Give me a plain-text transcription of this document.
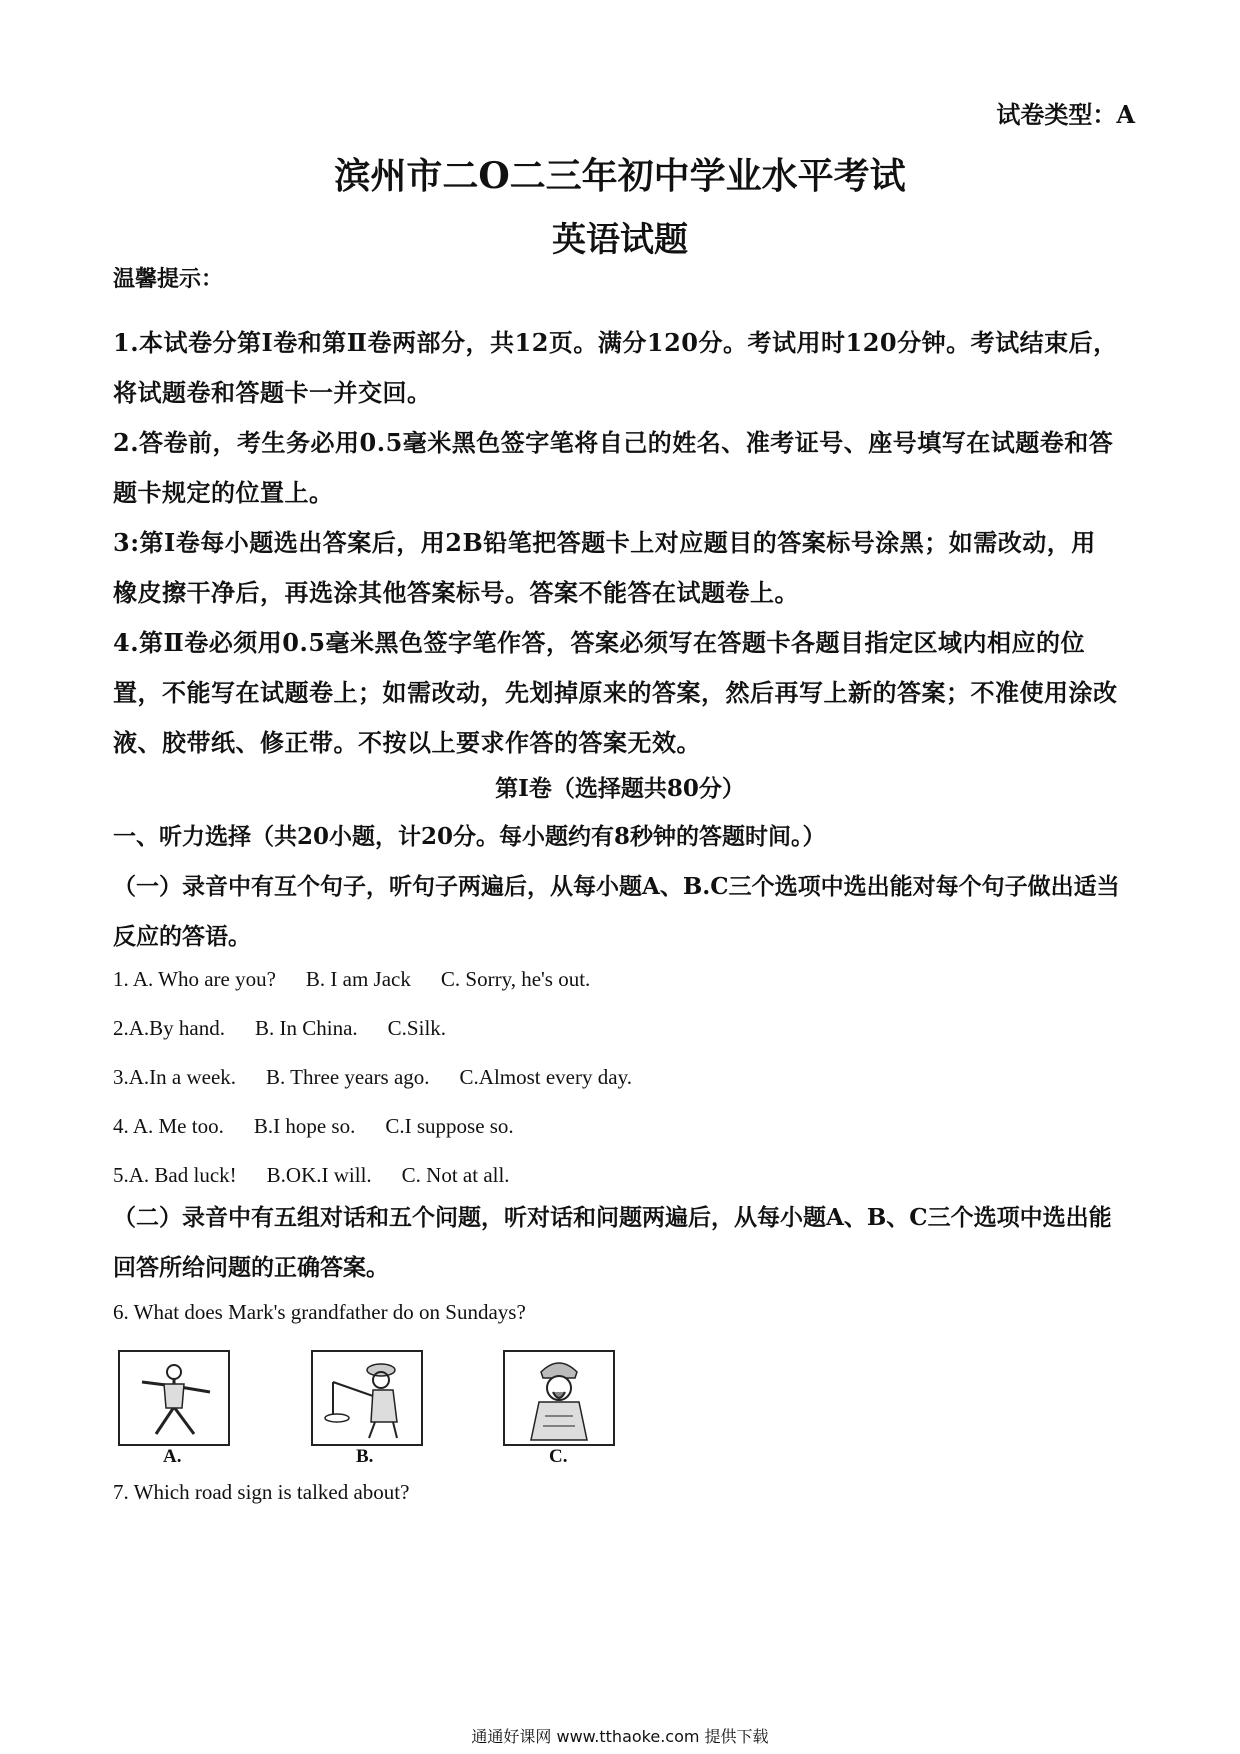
试卷类型：A
滨州市二O二三年初中学业水平考试
英语试题
温馨提示：

1.本试卷分第Ⅰ卷和第Ⅱ卷两部分，共12页。满分120分。考试用时120分钟。考试结束后，将试题卷和答题卡一并交回。

2.答卷前，考生务必用0.5毫米黑色签字笔将自己的姓名、准考证号、座号填写在试题卷和答题卡规定的位置上。

3:第Ⅰ卷每小题选出答案后，用2B铅笔把答题卡上对应题目的答案标号涂黑；如需改动，用橡皮擦干净后，再选涂其他答案标号。答案不能答在试题卷上。

4.第Ⅱ卷必须用0.5毫米黑色签字笔作答，答案必须写在答题卡各题目指定区域内相应的位置，不能写在试题卷上；如需改动，先划掉原来的答案，然后再写上新的答案；不准使用涂改液、胶带纸、修正带。不按以上要求作答的答案无效。

第Ⅰ卷（选择题共80分）
一、听力选择（共20小题，计20分。每小题约有8秒钟的答题时间。）
（一）录音中有互个句子，听句子两遍后，从每小题A、B.C三个选项中选出能对每个句子做出适当反应的答语。
1. A. Who are you? B. I am Jack C. Sorry, he's out.
2.A.By hand. B. In China. C.Silk.
3.A.In a week. B. Three years ago. C.Almost every day.
4. A. Me too. B.I hope so. C.I suppose so.
5.A. Bad luck! B.OK.I will. C. Not at all.
（二）录音中有五组对话和五个问题，听对话和问题两遍后，从每小题A、B、C三个选项中选出能回答所给问题的正确答案。
6. What does Mark's grandfather do on Sundays?
A.	B.	C.
7. Which road sign is talked about?
通通好课网 www.tthaoke.com 提供下载
